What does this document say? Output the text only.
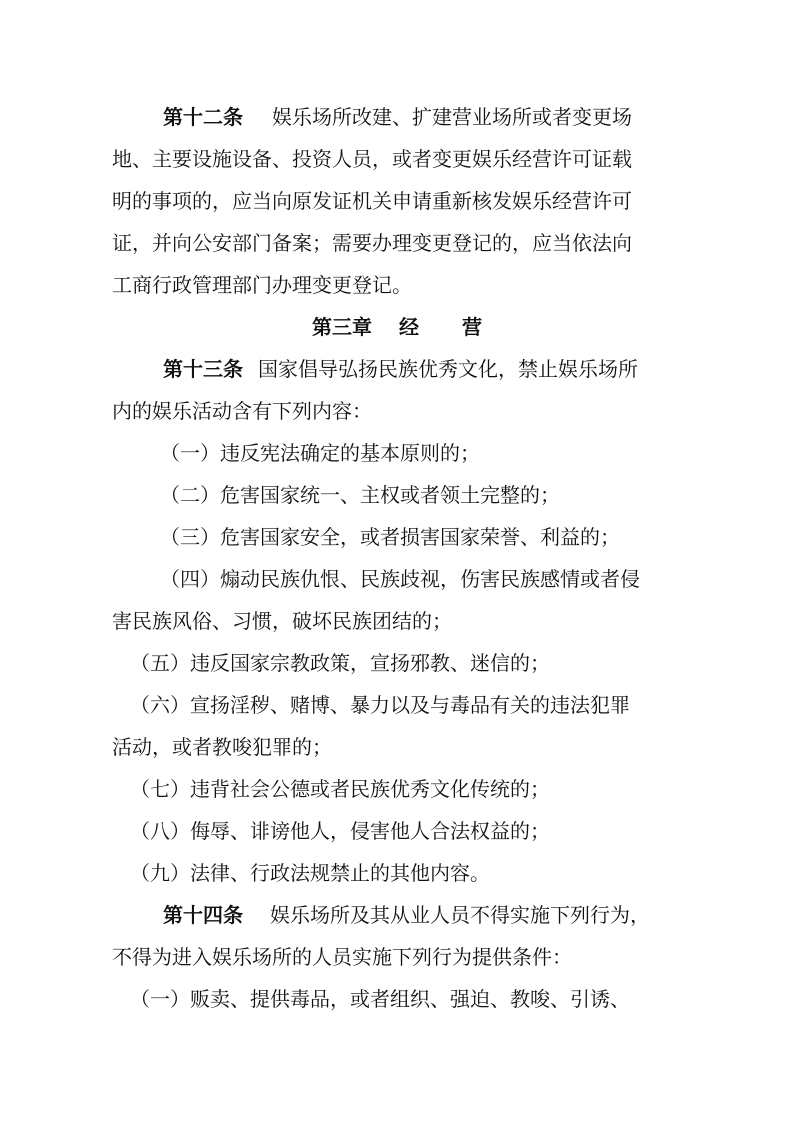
第十二条

娱乐场所改建、扩建营业场所或者变更场

地、主要设施设备、投资人员，或者变更娱乐经营许可证载

明的事项的，应当向原发证机关申请重新核发娱乐经营许可

证，并向公安部门备案；需要办理变更登记的，应当依法向

工商行政管理部门办理变更登记。

第三章

经

营

第十三条

国家倡导弘扬民族优秀文化，禁止娱乐场所

内的娱乐活动含有下列内容：

（一）违反宪法确定的基本原则的；

（二）危害国家统一、主权或者领土完整的；

（三）危害国家安全，或者损害国家荣誉、利益的；

（四）煽动民族仇恨、民族歧视，伤害民族感情或者侵

害民族风俗、习惯，破坏民族团结的；

（五）违反国家宗教政策，宣扬邪教、迷信的；

（六）宣扬淫秽、赌博、暴力以及与毒品有关的违法犯罪

活动，或者教唆犯罪的；

（七）违背社会公德或者民族优秀文化传统的；

（八）侮辱、诽谤他人，侵害他人合法权益的；

（九）法律、行政法规禁止的其他内容。

第十四条

娱乐场所及其从业人员不得实施下列行为，

不得为进入娱乐场所的人员实施下列行为提供条件：

（一）贩卖、提供毒品，或者组织、强迫、教唆、引诱、
